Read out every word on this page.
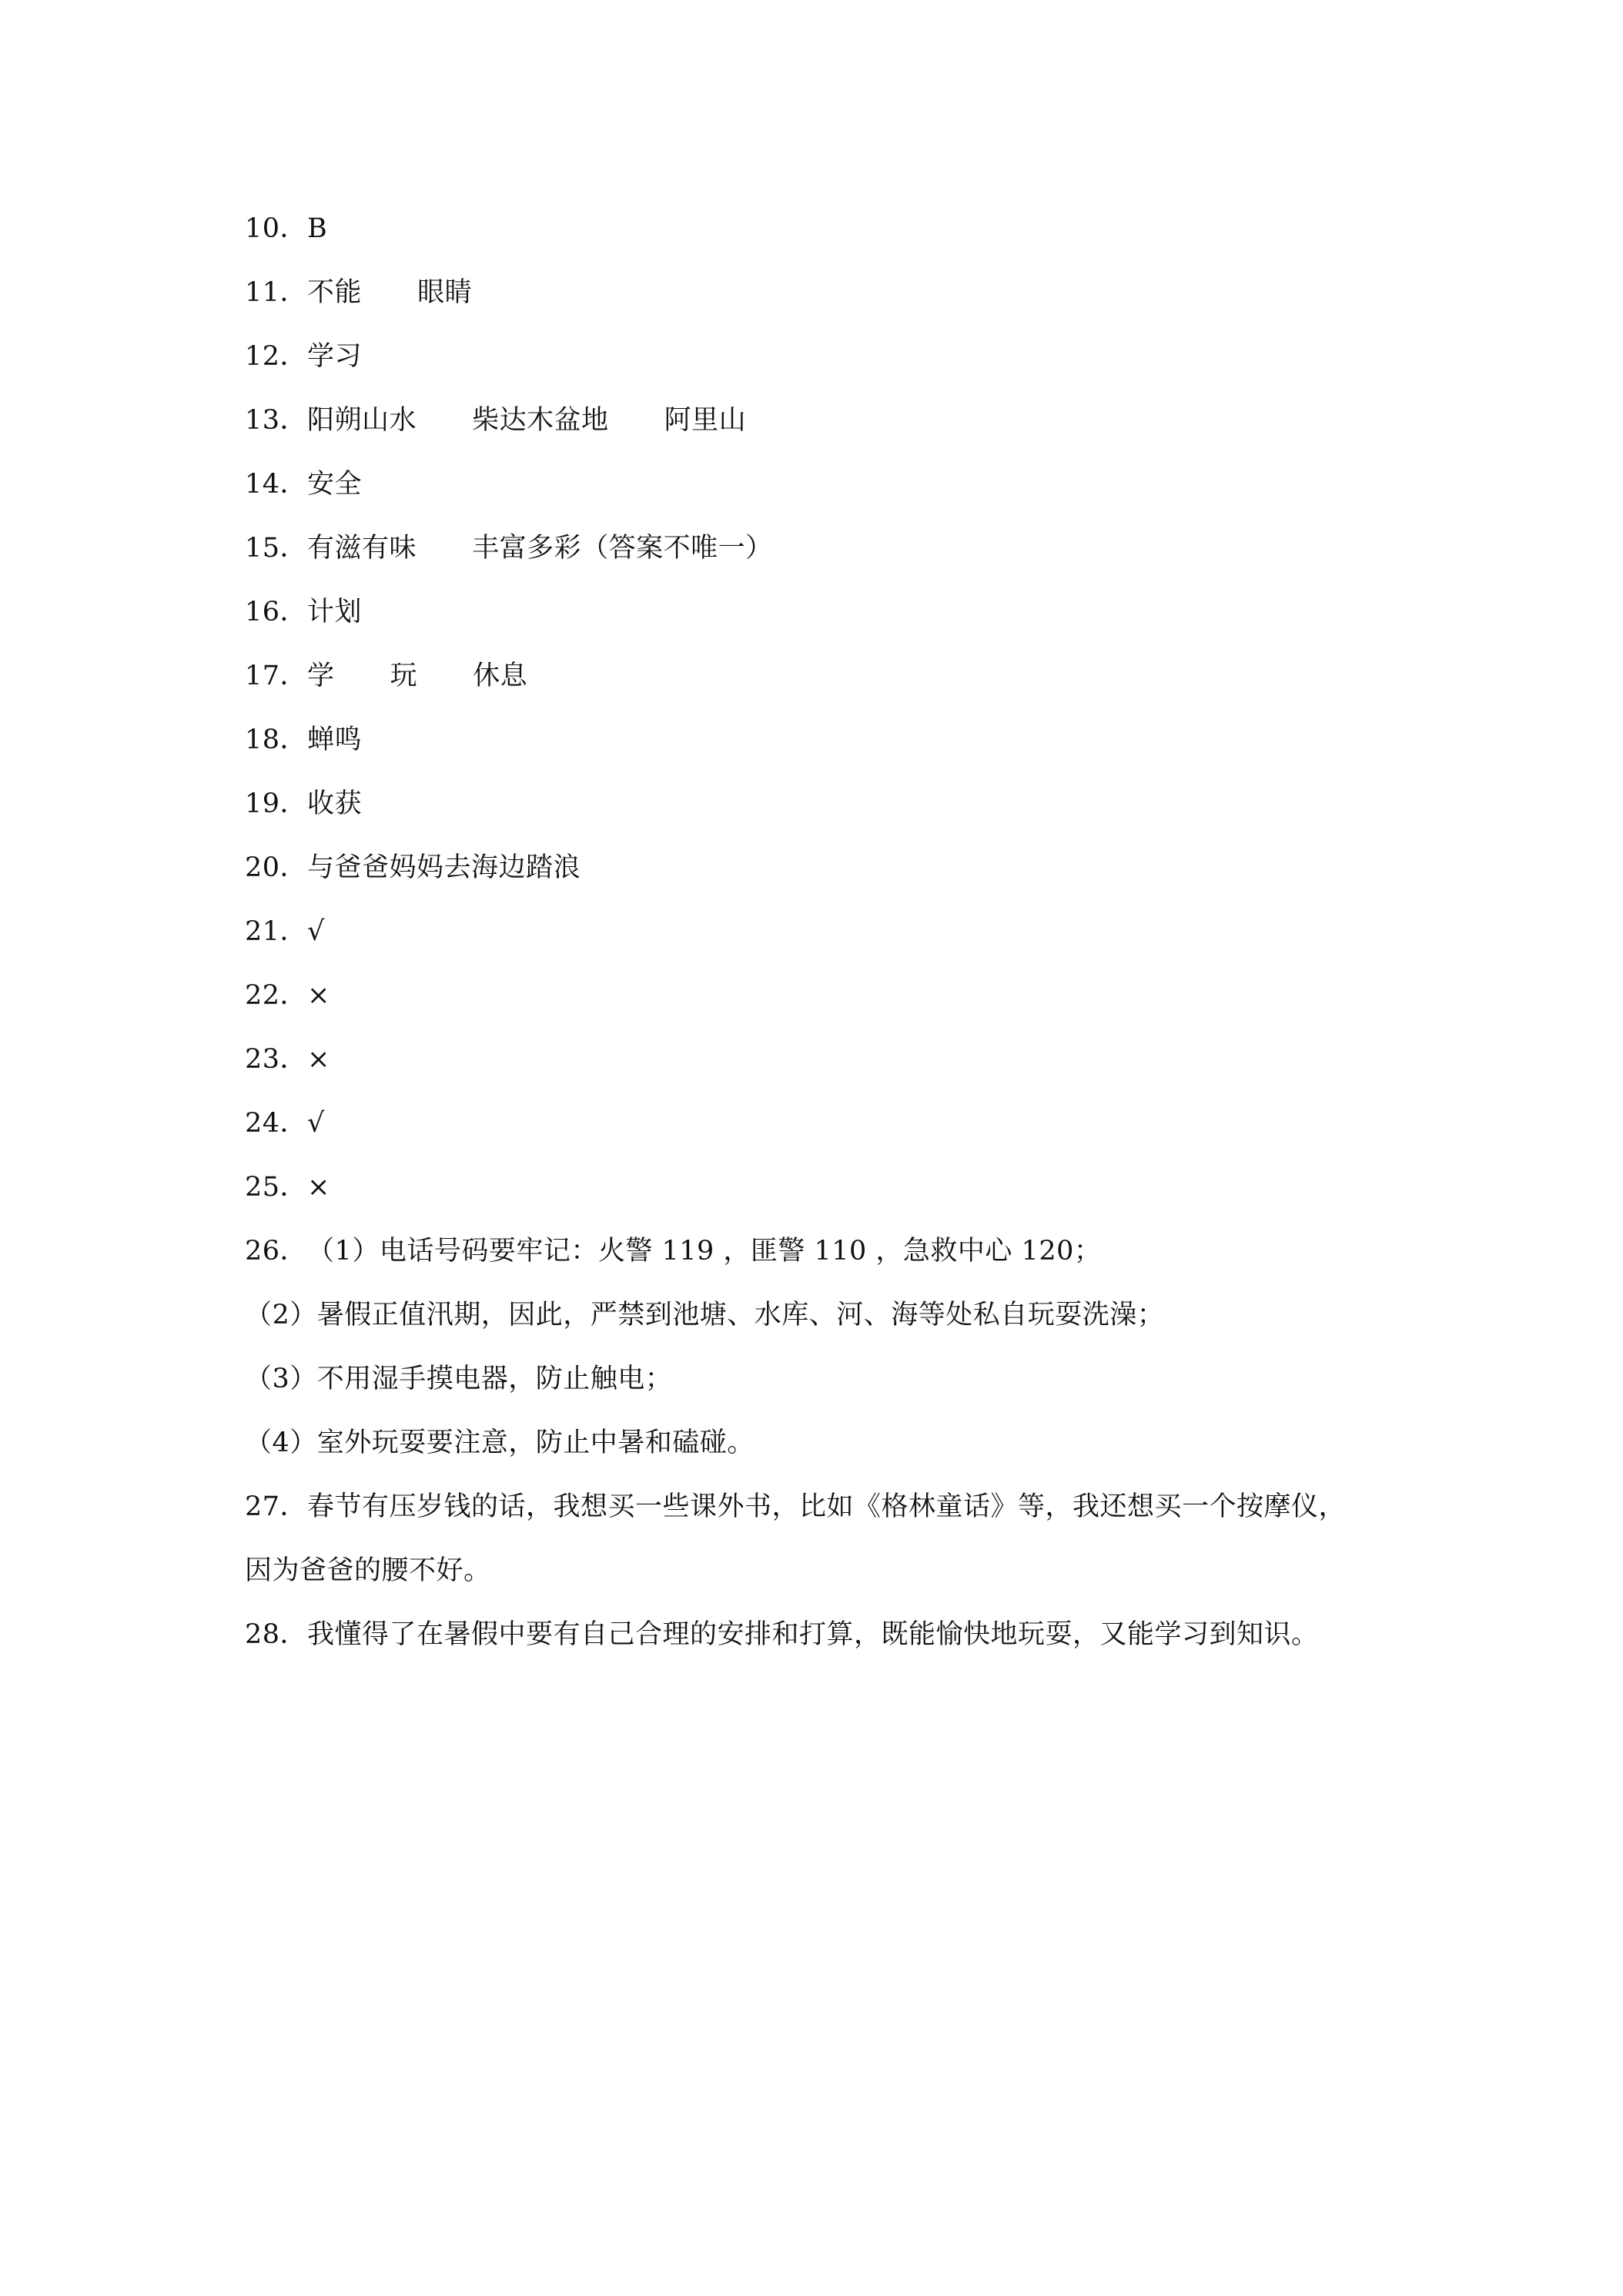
10．B
11．不能 眼睛
12．学习
13．阳朔山水 柴达木盆地 阿里山
14．安全
15．有滋有味 丰富多彩（答案不唯一）
16．计划
17．学 玩 休息
18．蝉鸣
19．收获
20．与爸爸妈妈去海边踏浪
21．√
22．×
23．×
24．√
25．×
26．（1）电话号码要牢记：火警 119 ，匪警 110 ，急救中心 120；
（2）暑假正值汛期，因此，严禁到池塘、水库、河、海等处私自玩耍洗澡；
（3）不用湿手摸电器，防止触电；
（4）室外玩耍要注意，防止中暑和磕碰。
27．春节有压岁钱的话，我想买一些课外书，比如《格林童话》等，我还想买一个按摩仪，
因为爸爸的腰不好。
28．我懂得了在暑假中要有自己合理的安排和打算，既能愉快地玩耍，又能学习到知识。
